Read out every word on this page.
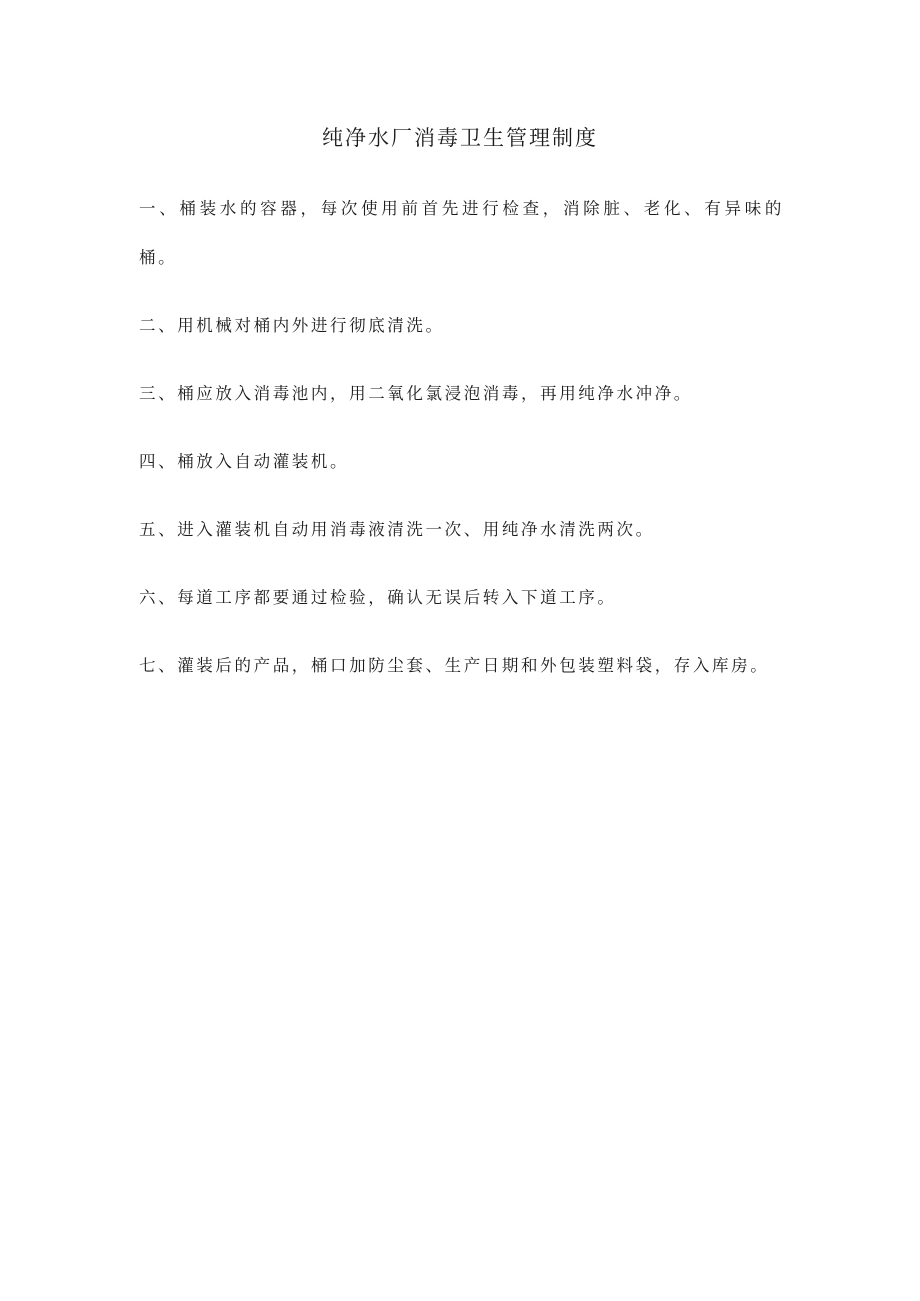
纯净水厂消毒卫生管理制度
一、桶装水的容器，每次使用前首先进行检查，消除脏、老化、有异味的桶。
二、用机械对桶内外进行彻底清洗。
三、桶应放入消毒池内，用二氧化氯浸泡消毒，再用纯净水冲净。
四、桶放入自动灌装机。
五、进入灌装机自动用消毒液清洗一次、用纯净水清洗两次。
六、每道工序都要通过检验，确认无误后转入下道工序。
七、灌装后的产品，桶口加防尘套、生产日期和外包装塑料袋，存入库房。
